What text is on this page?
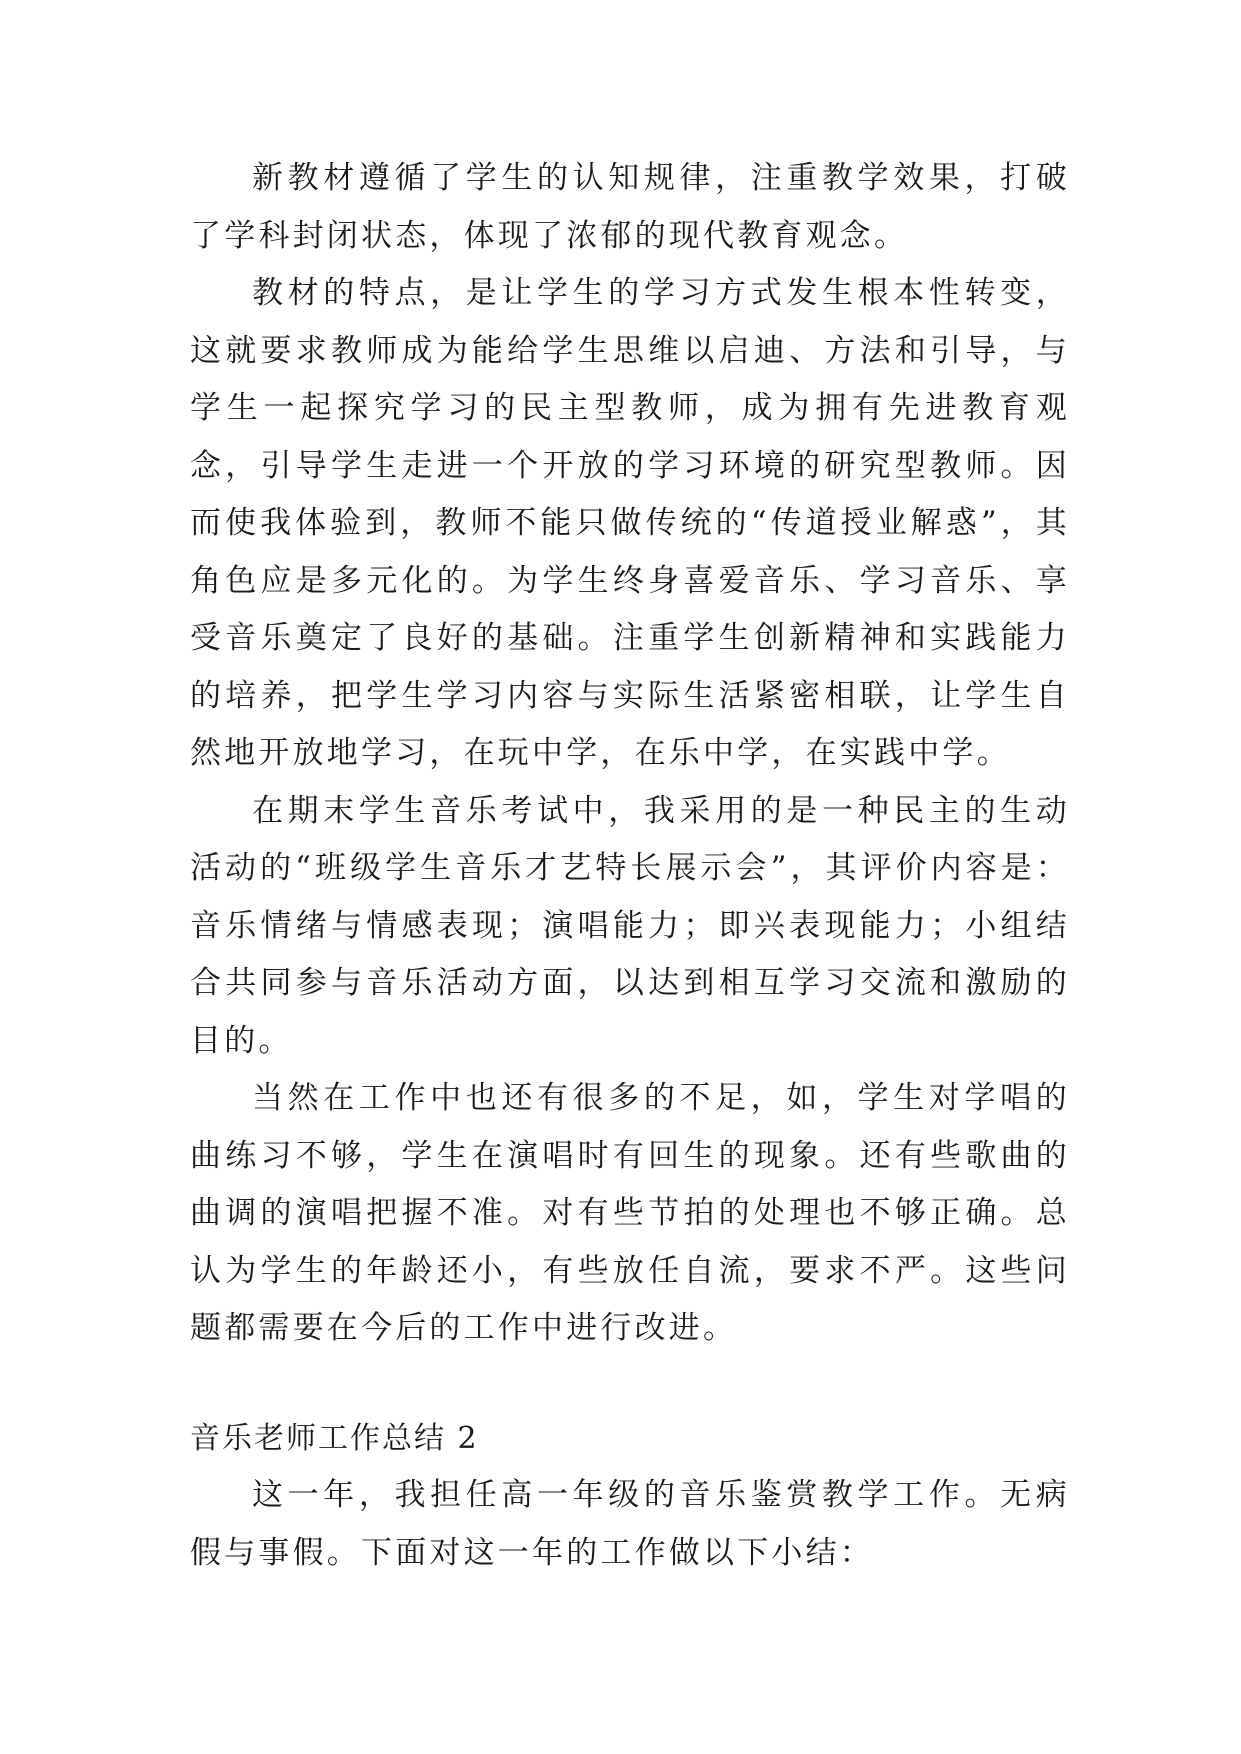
新教材遵循了学生的认知规律，注重教学效果，打破了学科封闭状态，体现了浓郁的现代教育观念。

教材的特点，是让学生的学习方式发生根本性转变，这就要求教师成为能给学生思维以启迪、方法和引导，与学生一起探究学习的民主型教师，成为拥有先进教育观念，引导学生走进一个开放的学习环境的研究型教师。因而使我体验到，教师不能只做传统的“传道授业解惑”，其角色应是多元化的。为学生终身喜爱音乐、学习音乐、享受音乐奠定了良好的基础。注重学生创新精神和实践能力的培养，把学生学习内容与实际生活紧密相联，让学生自然地开放地学习，在玩中学，在乐中学，在实践中学。

在期末学生音乐考试中，我采用的是一种民主的生动活动的“班级学生音乐才艺特长展示会”，其评价内容是：音乐情绪与情感表现；演唱能力；即兴表现能力；小组结合共同参与音乐活动方面，以达到相互学习交流和激励的目的。

当然在工作中也还有很多的不足，如，学生对学唱的曲练习不够，学生在演唱时有回生的现象。还有些歌曲的曲调的演唱把握不准。对有些节拍的处理也不够正确。总认为学生的年龄还小，有些放任自流，要求不严。这些问题都需要在今后的工作中进行改进。

音乐老师工作总结 2

这一年，我担任高一年级的音乐鉴赏教学工作。无病假与事假。下面对这一年的工作做以下小结：
